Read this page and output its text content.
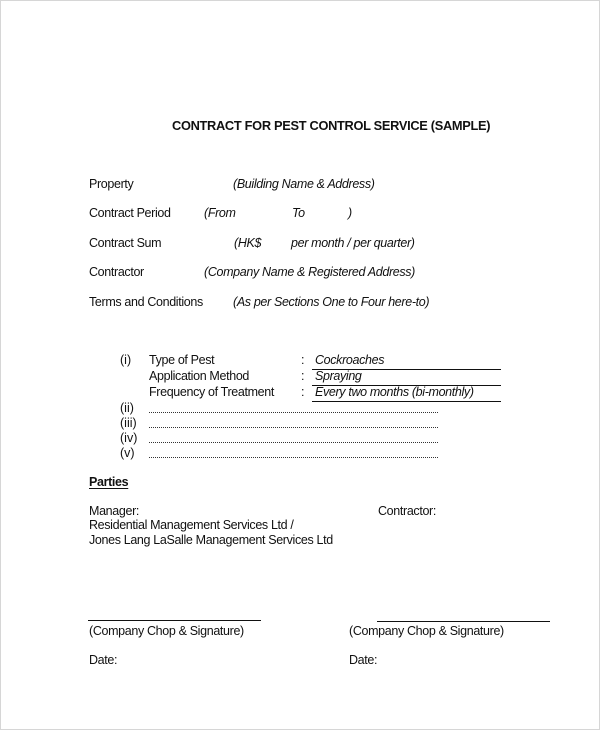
CONTRACT FOR PEST CONTROL SERVICE (SAMPLE)
Property	(Building Name & Address)
Contract Period	(From	To	)
Contract Sum	(HK$ per month / per quarter)
Contractor	(Company Name & Registered Address)
Terms and Conditions (As per Sections One to Four here-to)
(i) Type of Pest	: Cockroaches
Application Method	: Spraying
Frequency of Treatment : Every two months (bi-monthly)
(ii)
(iii)
(iv)
(v)
Parties
Manager:
Residential Management Services Ltd /
Jones Lang LaSalle Management Services Ltd
Contractor:
(Company Chop & Signature)
Date:
(Company Chop & Signature)
Date:
